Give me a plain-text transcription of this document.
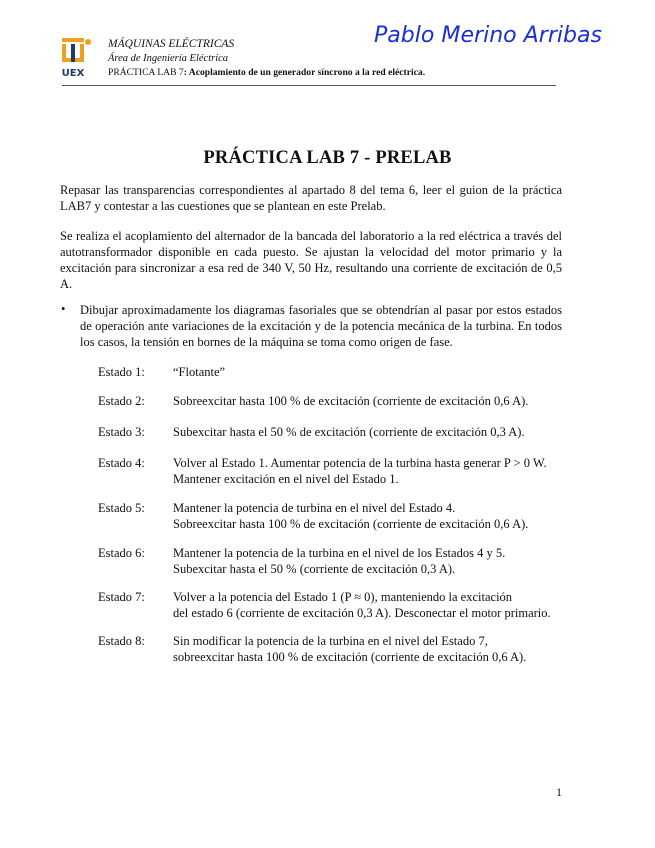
UEX
MÁQUINAS ELÉCTRICAS
Área de Ingeniería Eléctrica
PRÁCTICA LAB 7: Acoplamiento de un generador síncrono a la red eléctrica.
Pablo Merino Arribas
PRÁCTICA LAB 7 - PRELAB
Repasar las transparencias correspondientes al apartado 8 del tema 6, leer el guion de la práctica LAB7 y contestar a las cuestiones que se plantean en este Prelab.
Se realiza el acoplamiento del alternador de la bancada del laboratorio a la red eléctrica a través del autotransformador disponible en cada puesto. Se ajustan la velocidad del motor primario y la excitación para sincronizar a esa red de 340 V, 50 Hz, resultando una corriente de excitación de 0,5 A.
• Dibujar aproximadamente los diagramas fasoriales que se obtendrían al pasar por estos estados de operación ante variaciones de la excitación y de la potencia mecánica de la turbina. En todos los casos, la tensión en bornes de la máquina se toma como origen de fase.
Estado 1: “Flotante”
Estado 2: Sobreexcitar hasta 100 % de excitación (corriente de excitación 0,6 A).
Estado 3: Subexcitar hasta el 50 % de excitación (corriente de excitación 0,3 A).
Estado 4: Volver al Estado 1. Aumentar potencia de la turbina hasta generar P > 0 W.
Mantener excitación en el nivel del Estado 1.
Estado 5: Mantener la potencia de turbina en el nivel del Estado 4.
Sobreexcitar hasta 100 % de excitación (corriente de excitación 0,6 A).
Estado 6: Mantener la potencia de la turbina en el nivel de los Estados 4 y 5.
Subexcitar hasta el 50 % (corriente de excitación 0,3 A).
Estado 7: Volver a la potencia del Estado 1 (P ≈ 0), manteniendo la excitación
del estado 6 (corriente de excitación 0,3 A). Desconectar el motor primario.
Estado 8: Sin modificar la potencia de la turbina en el nivel del Estado 7,
sobreexcitar hasta 100 % de excitación (corriente de excitación 0,6 A).
1
